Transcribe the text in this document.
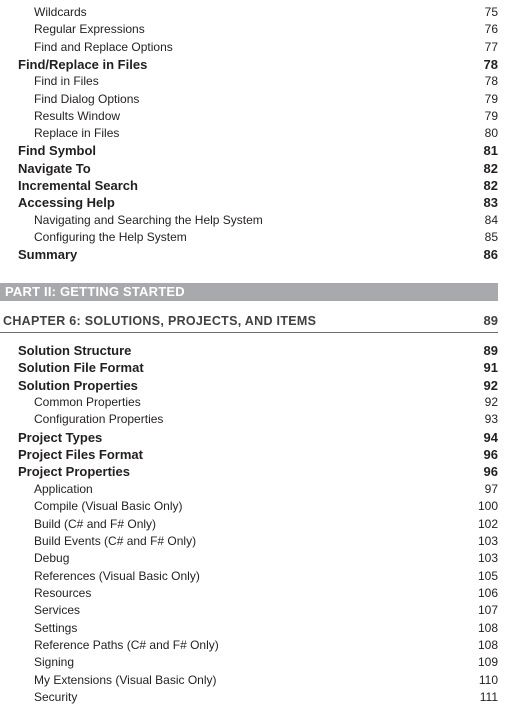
Wildcards	75
Regular Expressions	76
Find and Replace Options	77
Find/Replace in Files	78
Find in Files	78
Find Dialog Options	79
Results Window	79
Replace in Files	80
Find Symbol	81
Navigate To	82
Incremental Search	82
Accessing Help	83
Navigating and Searching the Help System	84
Configuring the Help System	85
Summary	86
PART II: GETTING STARTED
CHAPTER 6: SOLUTIONS, PROJECTS, AND ITEMS	89
Solution Structure	89
Solution File Format	91
Solution Properties	92
Common Properties	92
Configuration Properties	93
Project Types	94
Project Files Format	96
Project Properties	96
Application	97
Compile (Visual Basic Only)	100
Build (C# and F# Only)	102
Build Events (C# and F# Only)	103
Debug	103
References (Visual Basic Only)	105
Resources	106
Services	107
Settings	108
Reference Paths (C# and F# Only)	108
Signing	109
My Extensions (Visual Basic Only)	110
Security	111
